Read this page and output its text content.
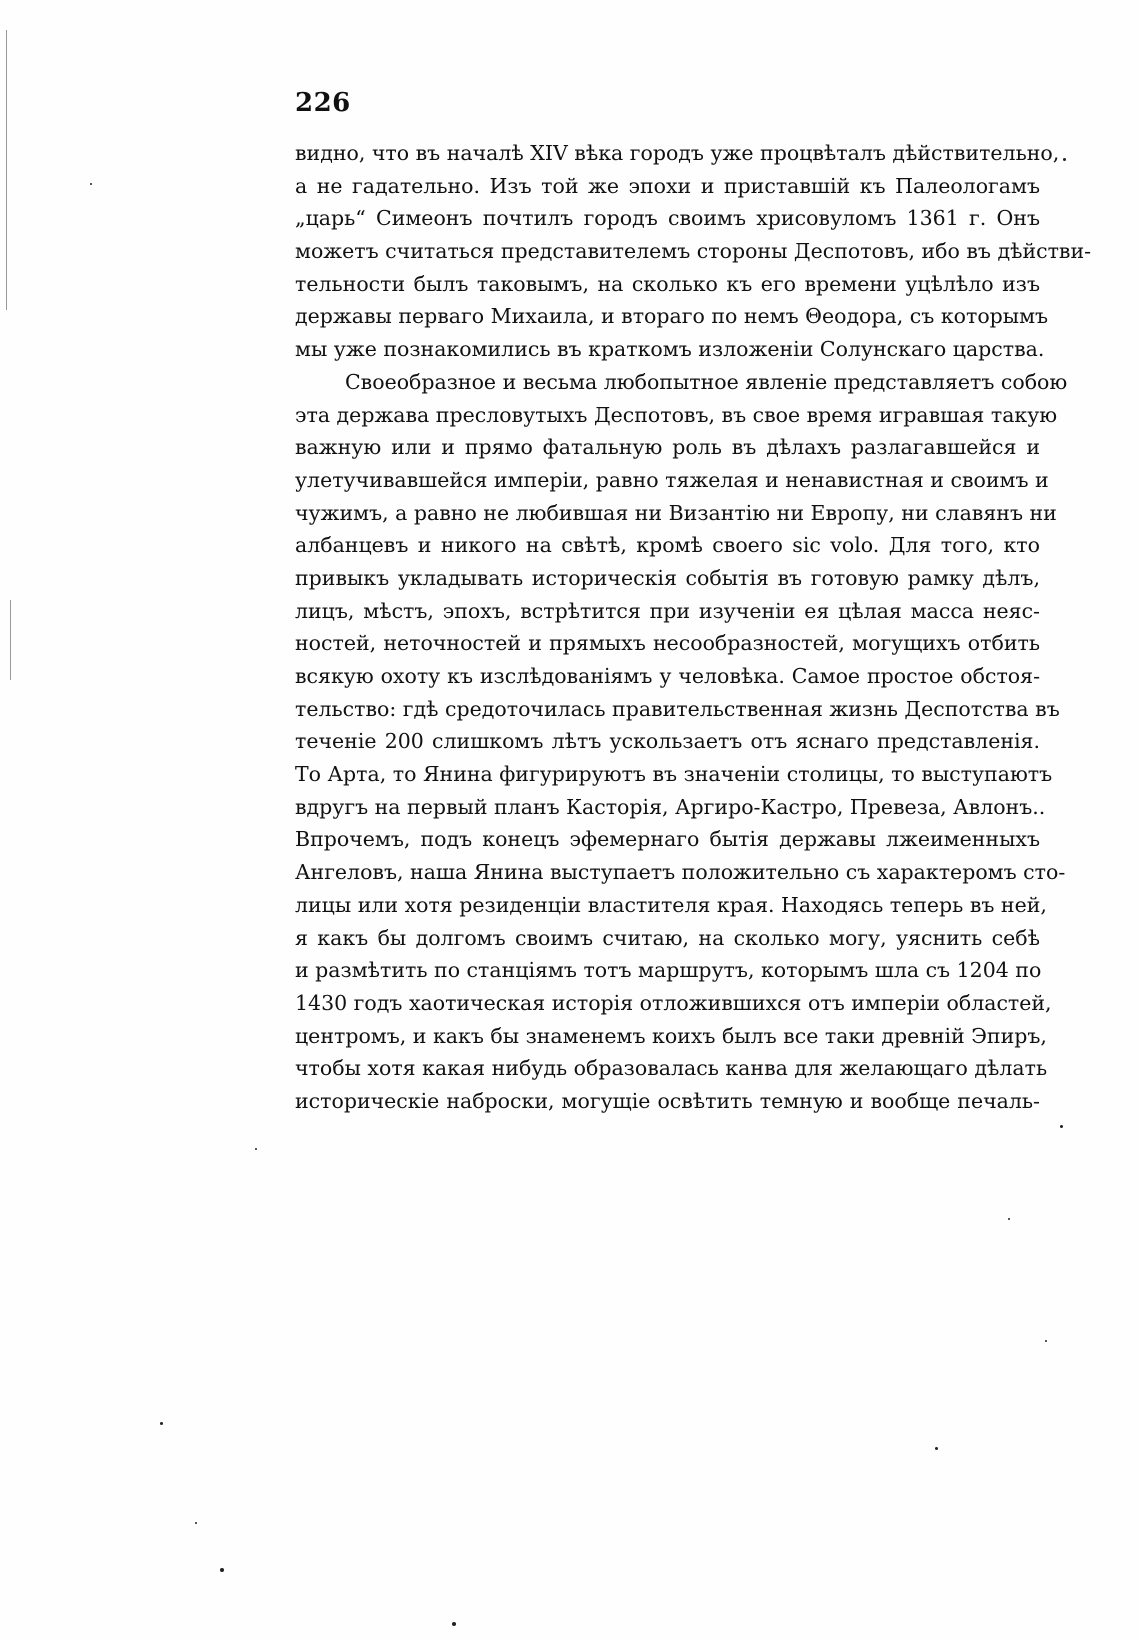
226
видно, что въ началѣ XIV вѣка городъ уже процвѣталъ дѣйствительно,
а не гадательно. Изъ той же эпохи и приставшій къ Палеологамъ
„царь“ Симеонъ почтилъ городъ своимъ хрисовуломъ 1361 г. Онъ
можетъ считаться представителемъ стороны Деспотовъ, ибо въ дѣйстви-
тельности былъ таковымъ, на сколько къ его времени уцѣлѣло изъ
державы перваго Михаила, и втораго по немъ Θеодора, съ которымъ
мы уже познакомились въ краткомъ изложеніи Солунскаго царства.
Своеобразное и весьма любопытное явленіе представляетъ собою
эта держава пресловутыхъ Деспотовъ, въ свое время игравшая такую
важную или и прямо фатальную роль въ дѣлахъ разлагавшейся и
улетучивавшейся имперіи, равно тяжелая и ненавистная и своимъ и
чужимъ, а равно не любившая ни Византію ни Европу, ни славянъ ни
албанцевъ и никого на свѣтѣ, кромѣ своего sic volo. Для того, кто
привыкъ укладывать историческія событія въ готовую рамку дѣлъ,
лицъ, мѣстъ, эпохъ, встрѣтится при изученіи ея цѣлая масса неяс-
ностей, неточностей и прямыхъ несообразностей, могущихъ отбить
всякую охоту къ изслѣдованіямъ у человѣка. Самое простое обстоя-
тельство: гдѣ средоточилась правительственная жизнь Деспотства въ
теченіе 200 слишкомъ лѣтъ ускользаетъ отъ яснаго представленія.
То Арта, то Янина фигурируютъ въ значеніи столицы, то выступаютъ
вдругъ на первый планъ Касторія, Аргиро-Кастро, Превеза, Авлонъ..
Впрочемъ, подъ конецъ эфемернаго бытія державы лжеименныхъ
Ангеловъ, наша Янина выступаетъ положительно съ характеромъ сто-
лицы или хотя резиденціи властителя края. Находясь теперь въ ней,
я какъ бы долгомъ своимъ считаю, на сколько могу, уяснить себѣ
и размѣтить по станціямъ тотъ маршрутъ, которымъ шла съ 1204 по
1430 годъ хаотическая исторія отложившихся отъ имперіи областей,
центромъ, и какъ бы знаменемъ коихъ былъ все таки древній Эпиръ,
чтобы хотя какая нибудь образовалась канва для желающаго дѣлать
историческіе наброски, могущіе освѣтить темную и вообще печаль-
